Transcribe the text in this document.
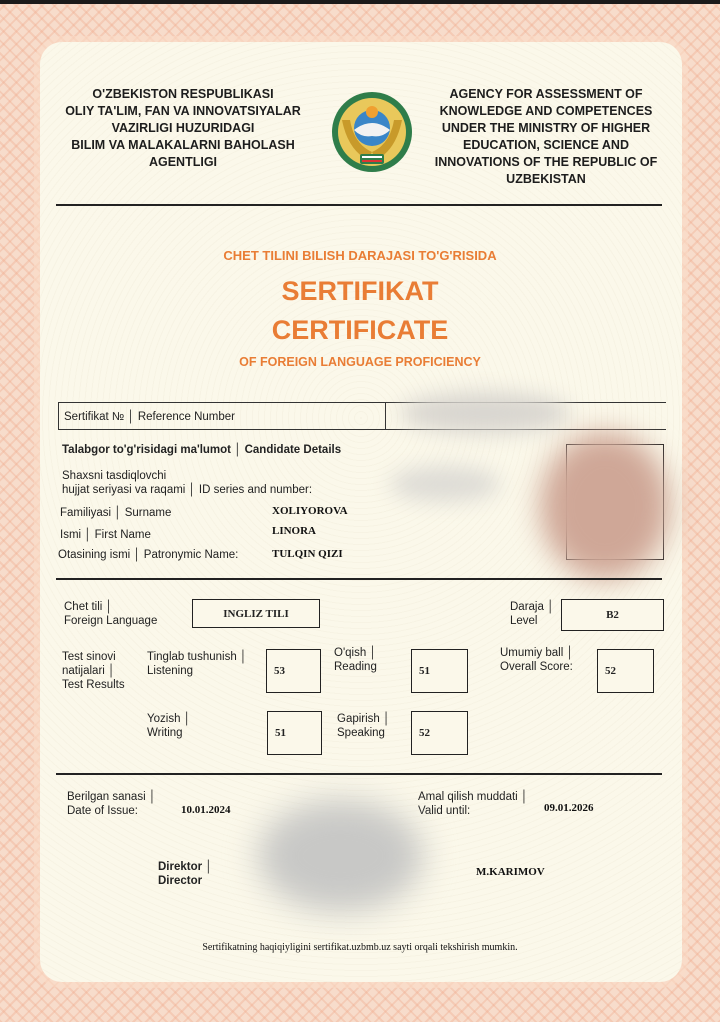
O'ZBEKISTON RESPUBLIKASI
OLIY TA'LIM, FAN VA INNOVATSIYALAR
VAZIRLIGI HUZURIDAGI
BILIM VA MALAKALARNI BAHOLASH
AGENTLIGI
AGENCY FOR ASSESSMENT OF
KNOWLEDGE AND COMPETENCES
UNDER THE MINISTRY OF HIGHER
EDUCATION, SCIENCE AND
INNOVATIONS OF THE REPUBLIC OF
UZBEKISTAN
CHET TILINI BILISH DARAJASI TO'G'RISIDA
SERTIFIKAT
CERTIFICATE
OF FOREIGN LANGUAGE PROFICIENCY
Sertifikat № │ Reference Number
Talabgor to'g'risidagi ma'lumot │ Candidate Details
Shaxsni tasdiqlovchi
hujjat seriyasi va raqami │ ID series and number:
Familiyasi │ Surname	XOLIYOROVA
Ismi │ First Name	LINORA
Otasining ismi │ Patronymic Name:	TULQIN QIZI
Chet tili │
Foreign Language
INGLIZ TILI
Daraja │
Level	B2
Test sinovi
natijalari │
Test Results
Tinglab tushunish │
Listening	53
O'qish │
Reading	51
Umumiy ball │
Overall Score:	52
Yozish │
Writing	51
Gapirish │
Speaking	52
Berilgan sanasi │
Date of Issue:	10.01.2024
Amal qilish muddati │
Valid until:	09.01.2026
Direktor │
Director
M.KARIMOV
Sertifikatning haqiqiyligini sertifikat.uzbmb.uz sayti orqali tekshirish mumkin.
